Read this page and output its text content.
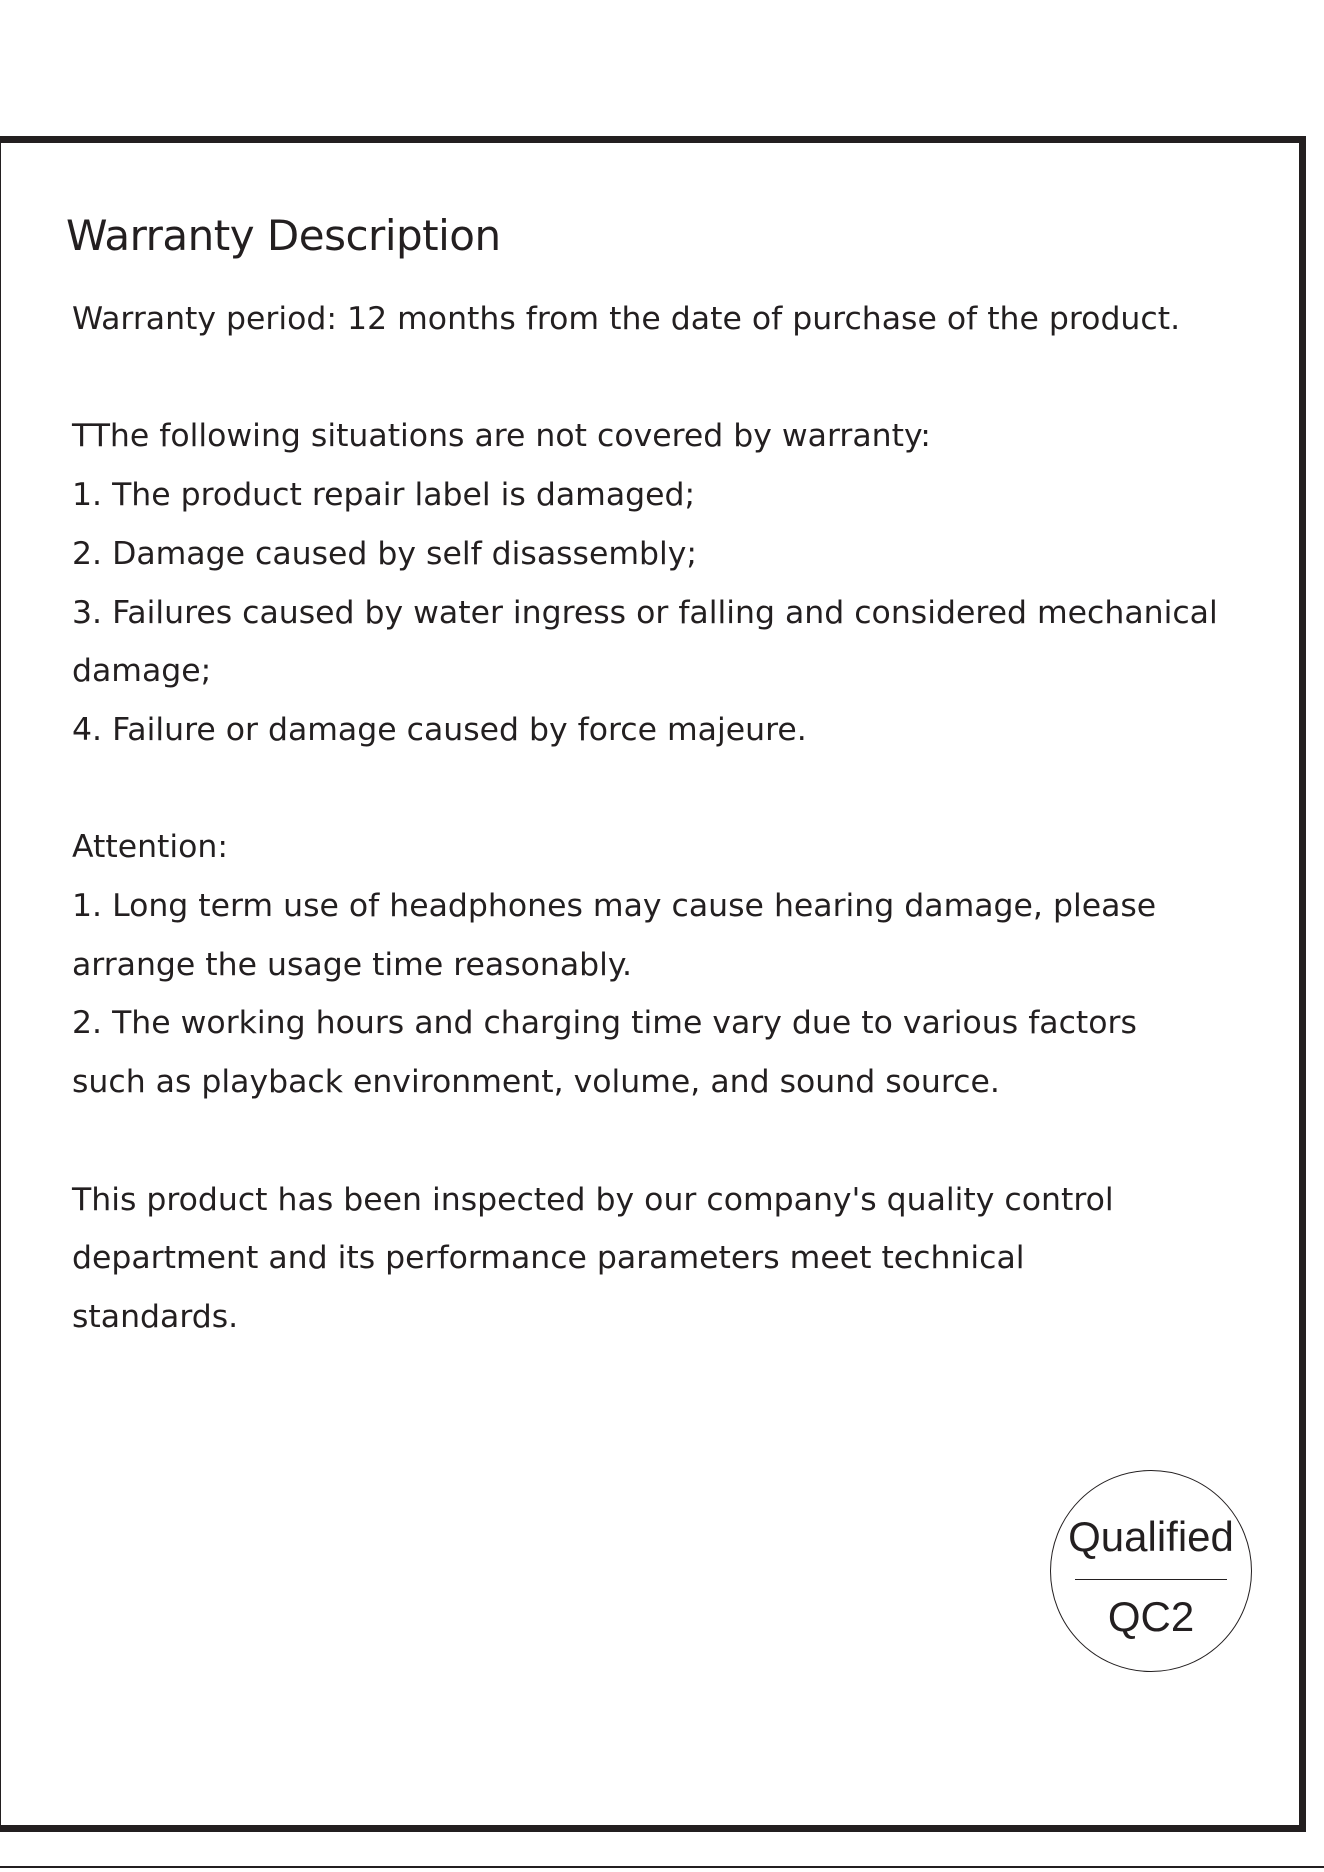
Warranty Description
Warranty period: 12 months from the date of purchase of the product.
TThe following situations are not covered by warranty:
1. The product repair label is damaged;
2. Damage caused by self disassembly;
3. Failures caused by water ingress or falling and considered mechanical
damage;
4. Failure or damage caused by force majeure.
Attention:
1. Long term use of headphones may cause hearing damage, please
arrange the usage time reasonably.
2. The working hours and charging time vary due to various factors
such as playback environment, volume, and sound source.
This product has been inspected by our company's quality control
department and its performance parameters meet technical
standards.
Qualified
QC2
